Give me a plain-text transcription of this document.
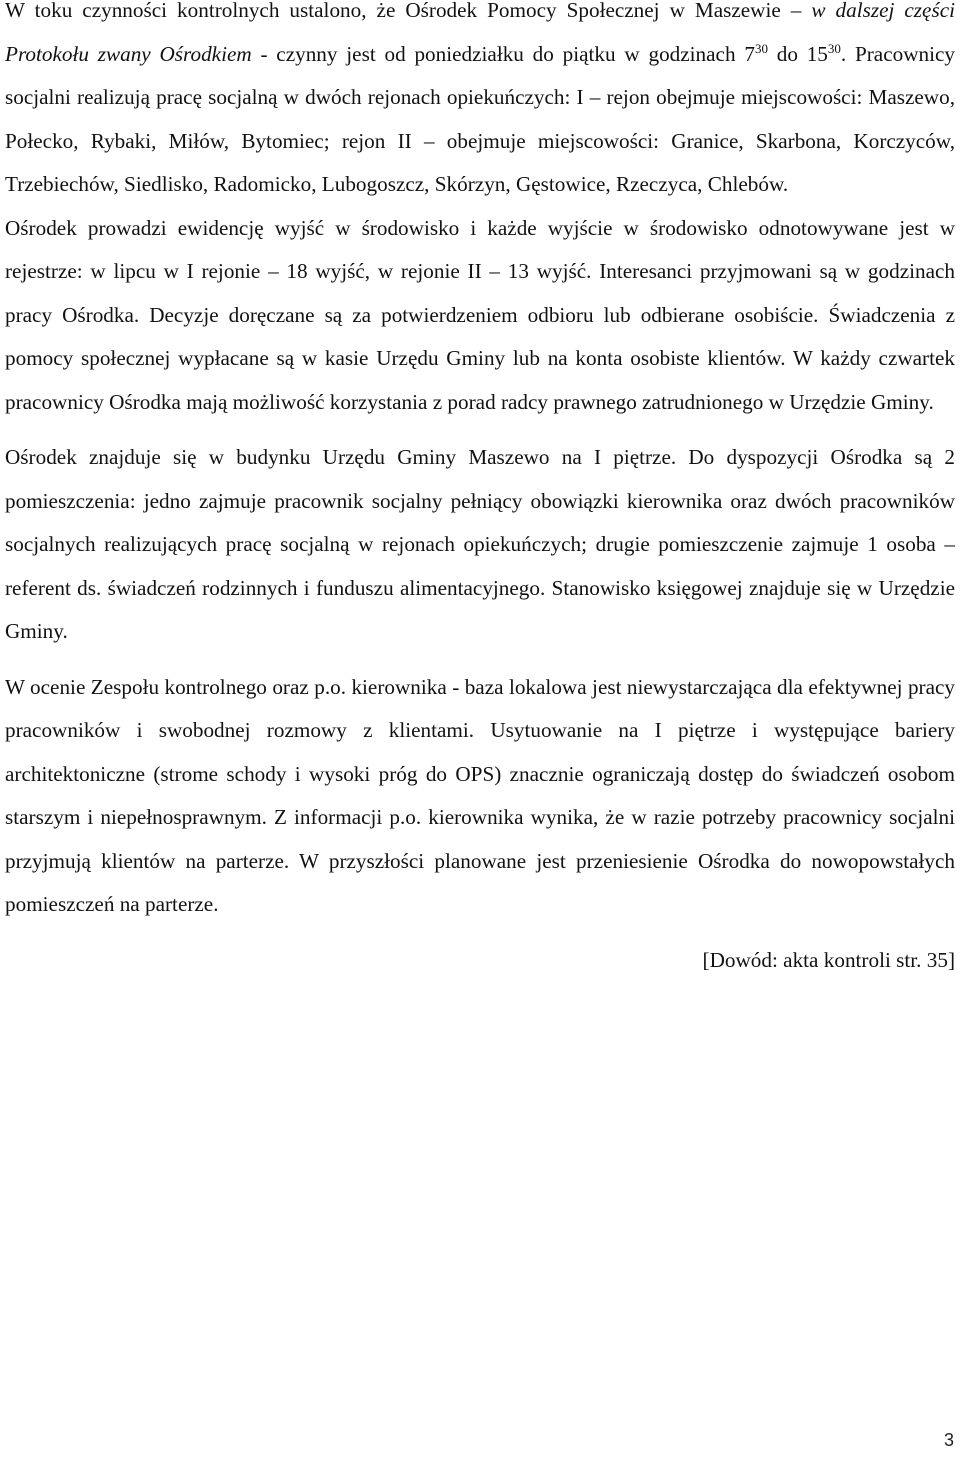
W toku czynności kontrolnych ustalono, że Ośrodek Pomocy Społecznej w Maszewie – w dalszej części Protokołu zwany Ośrodkiem - czynny jest od poniedziałku do piątku w godzinach $7^{30}$ do $15^{30}$. Pracownicy socjalni realizują pracę socjalną w dwóch rejonach opiekuńczych: I – rejon obejmuje miejscowości: Maszewo, Połecko, Rybaki, Miłów, Bytomiec; rejon II – obejmuje miejscowości: Granice, Skarbona, Korczyców, Trzebiechów, Siedlisko, Radomicko, Lubogoszcz, Skórzyn, Gęstowice, Rzeczyca, Chlebów.

Ośrodek prowadzi ewidencję wyjść w środowisko i każde wyjście w środowisko odnotowywane jest w rejestrze: w lipcu w I rejonie – 18 wyjść, w rejonie II – 13 wyjść. Interesanci przyjmowani są w godzinach pracy Ośrodka. Decyzje doręczane są za potwierdzeniem odbioru lub odbierane osobiście. Świadczenia z pomocy społecznej wypłacane są w kasie Urzędu Gminy lub na konta osobiste klientów. W każdy czwartek pracownicy Ośrodka mają możliwość korzystania z porad radcy prawnego zatrudnionego w Urzędzie Gminy.

Ośrodek znajduje się w budynku Urzędu Gminy Maszewo na I piętrze. Do dyspozycji Ośrodka są 2 pomieszczenia: jedno zajmuje pracownik socjalny pełniący obowiązki kierownika oraz dwóch pracowników socjalnych realizujących pracę socjalną w rejonach opiekuńczych; drugie pomieszczenie zajmuje 1 osoba – referent ds. świadczeń rodzinnych i funduszu alimentacyjnego. Stanowisko księgowej znajduje się w Urzędzie Gminy.

W ocenie Zespołu kontrolnego oraz p.o. kierownika - baza lokalowa jest niewystarczająca dla efektywnej pracy pracowników i swobodnej rozmowy z klientami. Usytuowanie na I piętrze i występujące bariery architektoniczne (strome schody i wysoki próg do OPS) znacznie ograniczają dostęp do świadczeń osobom starszym i niepełnosprawnym. Z informacji p.o. kierownika wynika, że w razie potrzeby pracownicy socjalni przyjmują klientów na parterze. W przyszłości planowane jest przeniesienie Ośrodka do nowopowstałych pomieszczeń na parterze.

[Dowód: akta kontroli str. 35]

3
